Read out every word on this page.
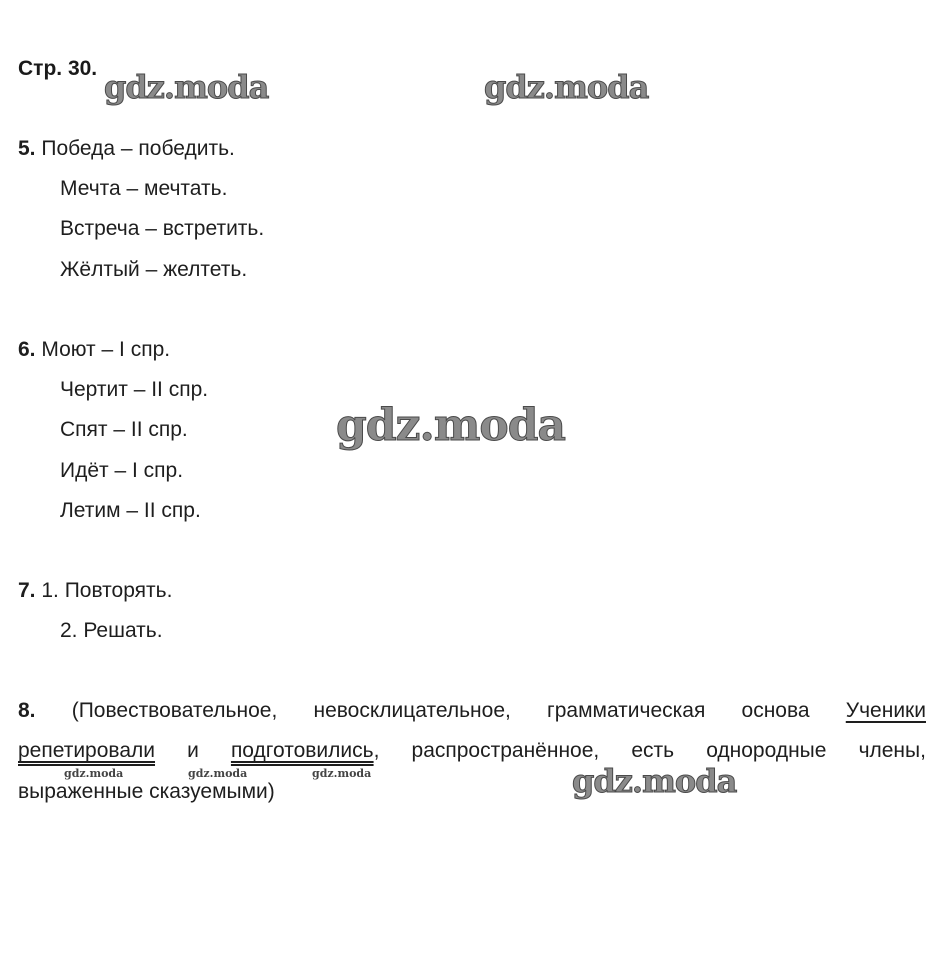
Стр. 30. gdz.moda	gdz.moda
gdz.moda
gdz.moda
gdz.moda	gdz.moda	gdz.moda
5. Победа – победить.
Мечта – мечтать.
Встреча – встретить.
Жёлтый – желтеть.
6. Моют – I спр.
Чертит – II спр.
Спят – II спр.
Идёт – I спр.
Летим – II спр.
7. 1. Повторять.
2. Решать.
8. (Повествовательное, невосклицательное, грамматическая основа Ученики
репетировали и подготовились, распространённое, есть однородные члены,
выраженные сказуемыми)
